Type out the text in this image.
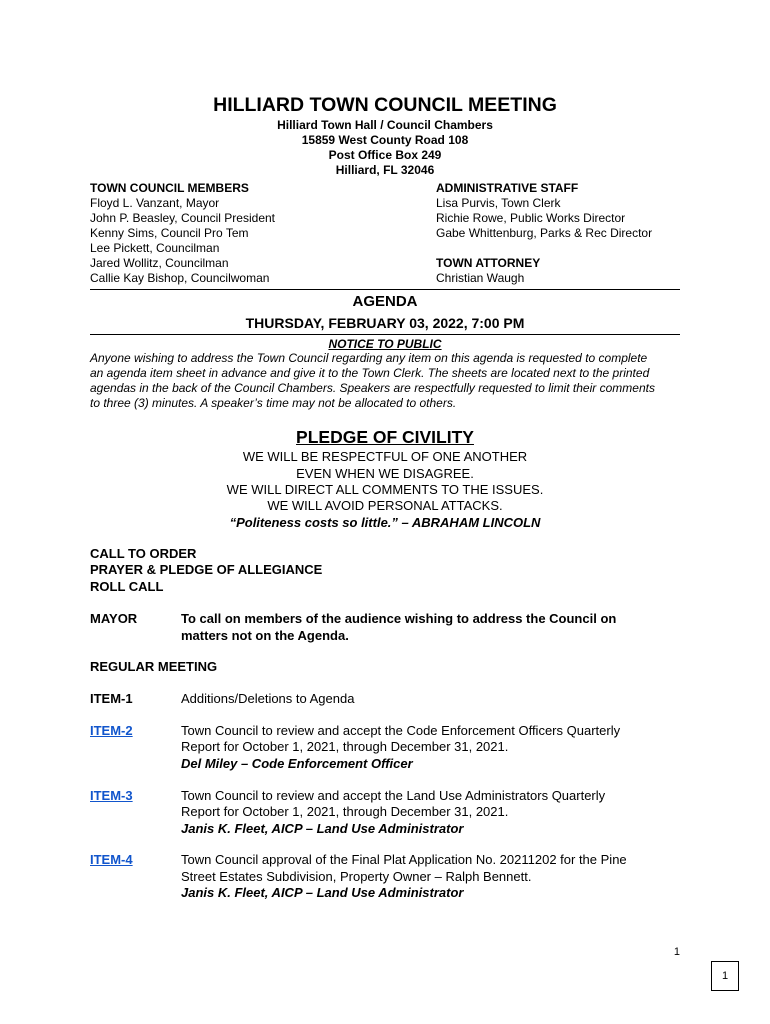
HILLIARD TOWN COUNCIL MEETING
Hilliard Town Hall / Council Chambers
15859 West County Road 108
Post Office Box 249
Hilliard, FL 32046
TOWN COUNCIL MEMBERS
Floyd L. Vanzant, Mayor
John P. Beasley, Council President
Kenny Sims, Council Pro Tem
Lee Pickett, Councilman
Jared Wollitz, Councilman
Callie Kay Bishop, Councilwoman
ADMINISTRATIVE STAFF
Lisa Purvis, Town Clerk
Richie Rowe, Public Works Director
Gabe Whittenburg, Parks & Rec Director
TOWN ATTORNEY
Christian Waugh
AGENDA
THURSDAY, FEBRUARY 03, 2022, 7:00 PM
NOTICE TO PUBLIC
Anyone wishing to address the Town Council regarding any item on this agenda is requested to complete
an agenda item sheet in advance and give it to the Town Clerk. The sheets are located next to the printed
agendas in the back of the Council Chambers. Speakers are respectfully requested to limit their comments
to three (3) minutes. A speaker’s time may not be allocated to others.
PLEDGE OF CIVILITY
WE WILL BE RESPECTFUL OF ONE ANOTHER
EVEN WHEN WE DISAGREE.
WE WILL DIRECT ALL COMMENTS TO THE ISSUES.
WE WILL AVOID PERSONAL ATTACKS.
“Politeness costs so little.” – ABRAHAM LINCOLN
CALL TO ORDER
PRAYER & PLEDGE OF ALLEGIANCE
ROLL CALL
MAYOR	To call on members of the audience wishing to address the Council on
matters not on the Agenda.
REGULAR MEETING
ITEM-1	Additions/Deletions to Agenda
ITEM-2	Town Council to review and accept the Code Enforcement Officers Quarterly
Report for October 1, 2021, through December 31, 2021.
Del Miley – Code Enforcement Officer
ITEM-3	Town Council to review and accept the Land Use Administrators Quarterly
Report for October 1, 2021, through December 31, 2021.
Janis K. Fleet, AICP – Land Use Administrator
ITEM-4	Town Council approval of the Final Plat Application No. 20211202 for the Pine
Street Estates Subdivision, Property Owner – Ralph Bennett.
Janis K. Fleet, AICP – Land Use Administrator
1
1
